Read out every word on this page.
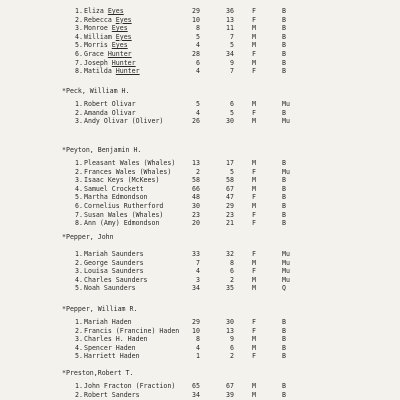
1. Eliza Eyes	29	36	F	B
2. Rebecca Eyes	10	13	F	B
3. Monroe Eyes	8	11	M	B
4. William Eyes	5	7	M	B
5. Morris Eyes	4	5	M	B
6. Grace Hunter	28	34	F	B
7. Joseph Hunter	6	9	M	B
8. Matilda Hunter	4	7	F	B
*Peck, William H.
1. Robert Olivar	5	6	M	Mu
2. Amanda Olivar	4	5	F	B
3. Andy Olivar (Oliver)	26	30	M	Mu
*Peyton, Benjamin H.
1. Pleasant Wales (Whales)	13	17	M	B
2. Frances Wales (Whales)	2	5	F	Mu
3. Isaac Keys (McKees)	58	58	M	B
4. Samuel Crockett	66	67	M	B
5. Martha Edmondson	48	47	F	B
6. Cornelius Rutherford	30	29	M	B
7. Susan Wales (Whales)	23	23	F	B
8. Ann (Amy) Edmondson	20	21	F	B
*Pepper, John
1. Mariah Saunders	33	32	F	Mu
2. George Saunders	7	8	M	Mu
3. Louisa Saunders	4	6	F	Mu
4. Charles Saunders	3	2	M	Mu
5. Noah Saunders	34	35	M	Q
*Pepper, William R.
1. Mariah Haden	29	30	F	B
2. Francis (Francine) Haden	10	13	F	B
3. Charles H. Haden	8	9	M	B
4. Spencer Haden	4	6	M	B
5. Harriett Haden	1	2	F	B
*Preston,Robert T.
1. John Fracton (Fraction)	65	67	M	B
2. Robert Sanders	34	39	M	B
